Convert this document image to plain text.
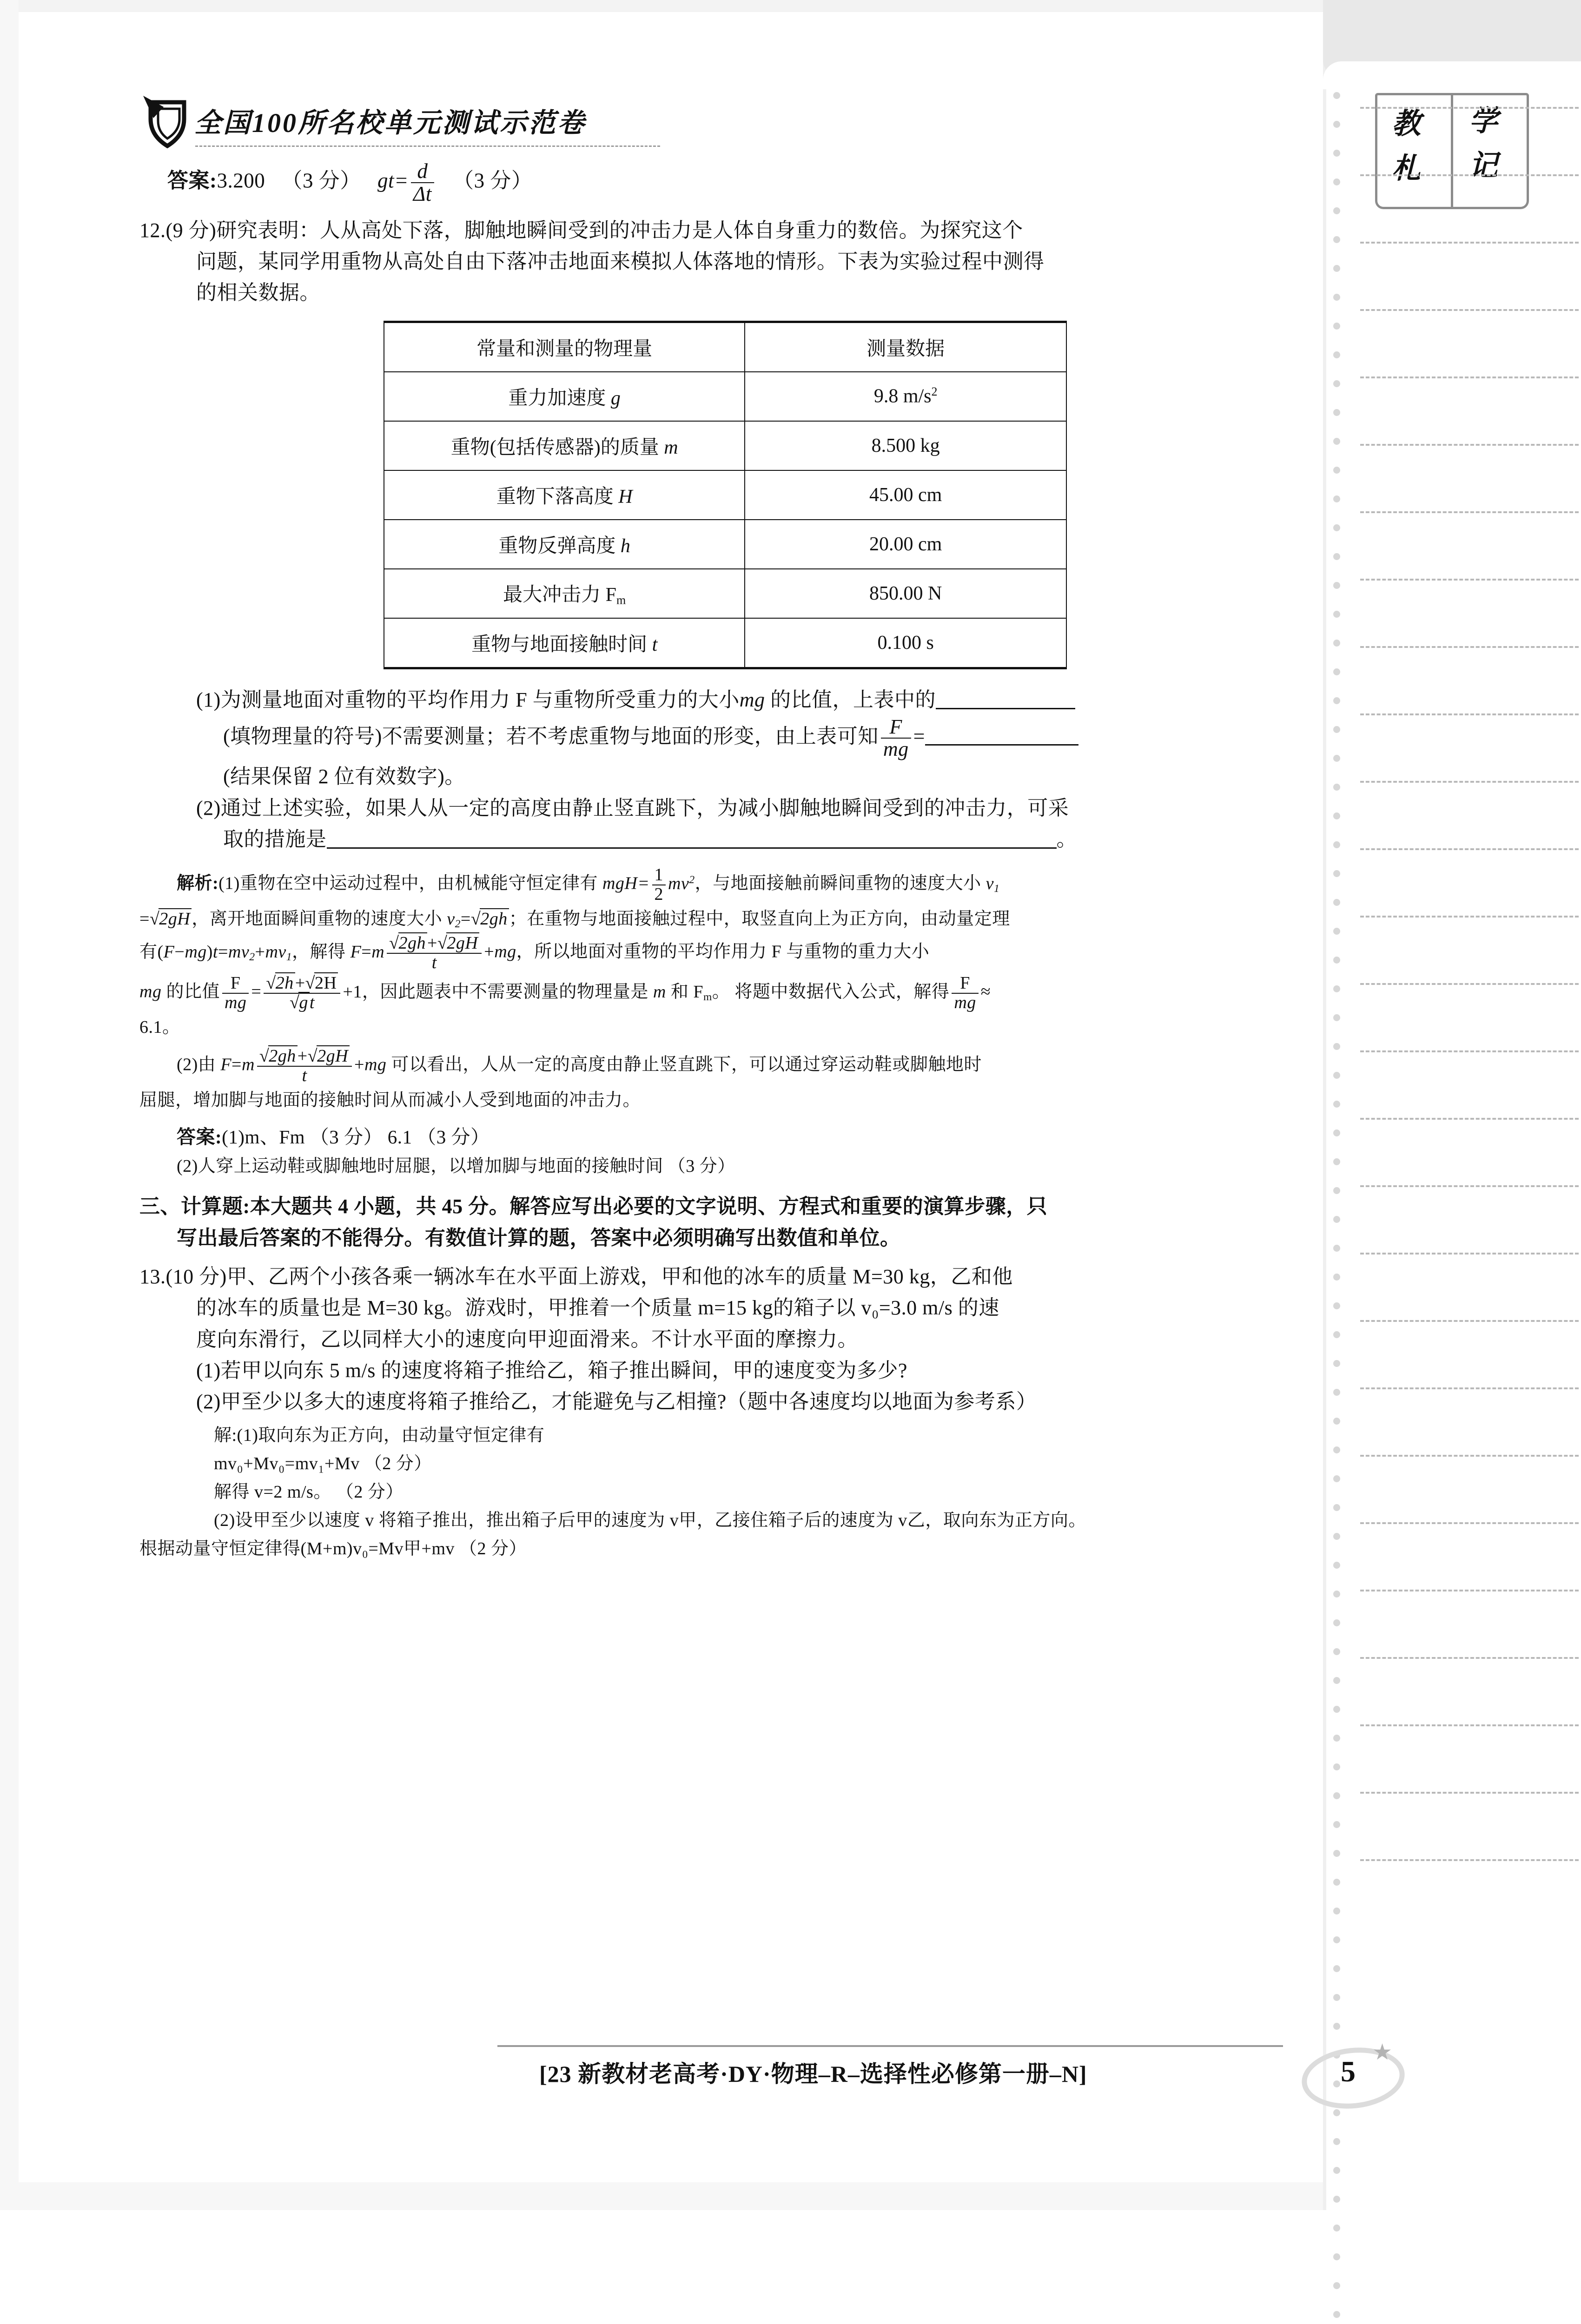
全国100所名校单元测试示范卷	教
札
学
记

答案:3.200 （3 分） $gt= \frac{d}{\Delta t} (3$ 分）

12.(9 分)研究表明：人从高处下落，脚触地瞬间受到的冲击力是人体自身重力的数倍。为探究这个

问题，某同学用重物从高处自由下落冲击地面来模拟人体落地的情形。下表为实验过程中测得

的相关数据。

常量和测量的物理量	测量数据
重力加速度 g	9.8 $m/s^2$
重物(包括传感器)的质量 m	8.500 kg
重物下落高度 H	45.00 cm
重物反弹高度 h	20.00 cm
最大冲击力 $F_m$	850.00 N
重物与地面接触时间 t	0.100 s

(1)为测量地面对重物的平均作用力 F 与重物所受重力的大小mg 的比值，上表中的

(填物理量的符号)不需要测量；若不考虑重物与地面的形变，由上表可知 $\frac{F}{mg}$ =

(结果保留 2 位有效数字)。

(2)通过上述实验，如果人从一定的高度由静止竖直跳下，为减小脚触地瞬间受到的冲击力，可采

取的措施是	。

解析:(1)重物在空中运动过程中，由机械能守恒定律有 $mgH= \frac{1}{2} mv^2$，与地面接触前瞬间重物的速度大小 $v_1$

=√2gH，离开地面瞬间重物的速度大小 $v_2=√2gh$；在重物与地面接触过程中，取竖直向上为正方向，由动量定理

有$(F-mg)t=mv_2+mv_1$，解得 $F=m \frac{√2gh+√2gH}{t} +mg$，所以地面对重物的平均作用力 F 与重物的重力大小

mg 的比值 $\frac{F}{mg} = \frac{√2h+√2H}{√gt} +1$，因此题表中不需要测量的物理量是 m 和 $F_m$。 将题中数据代入公式，解得 $\frac{F}{mg}$ ≈

6.1。

(2)由 $F=m \frac{√2gh+√2gH}{t} +mg$ 可以看出，人从一定的高度由静止竖直跳下，可以通过穿运动鞋或脚触地时

屈腿，增加脚与地面的接触时间从而减小人受到地面的冲击力。

答案:(1)m、Fm （3 分） 6.1 （3 分）

(2)人穿上运动鞋或脚触地时屈腿，以增加脚与地面的接触时间 （3 分）

三、计算题:本大题共 4 小题，共 45 分。解答应写出必要的文字说明、方程式和重要的演算步骤，只

写出最后答案的不能得分。有数值计算的题，答案中必须明确写出数值和单位。

13.(10 分)甲、乙两个小孩各乘一辆冰车在水平面上游戏，甲和他的冰车的质量 M=30 kg，乙和他

的冰车的质量也是 M=30 kg。游戏时，甲推着一个质量 m=15 kg的箱子以 v₀=3.0 m/s 的速

度向东滑行，乙以同样大小的速度向甲迎面滑来。不计水平面的摩擦力。

(1)若甲以向东 5 m/s 的速度将箱子推给乙，箱子推出瞬间，甲的速度变为多少?

(2)甲至少以多大的速度将箱子推给乙，才能避免与乙相撞?（题中各速度均以地面为参考系）

解:(1)取向东为正方向，由动量守恒定律有

mv₀+Mv₀=mv₁+Mv （2 分）

解得 v=2 m/s。 （2 分）

(2)设甲至少以速度 v 将箱子推出，推出箱子后甲的速度为 v甲，乙接住箱子后的速度为 v乙，取向东为正方向。

根据动量守恒定律得(M+m)v₀=Mv甲+mv （2 分）

[23 新教材老高考·DY·物理–R–选择性必修第一册–N]	5
★
